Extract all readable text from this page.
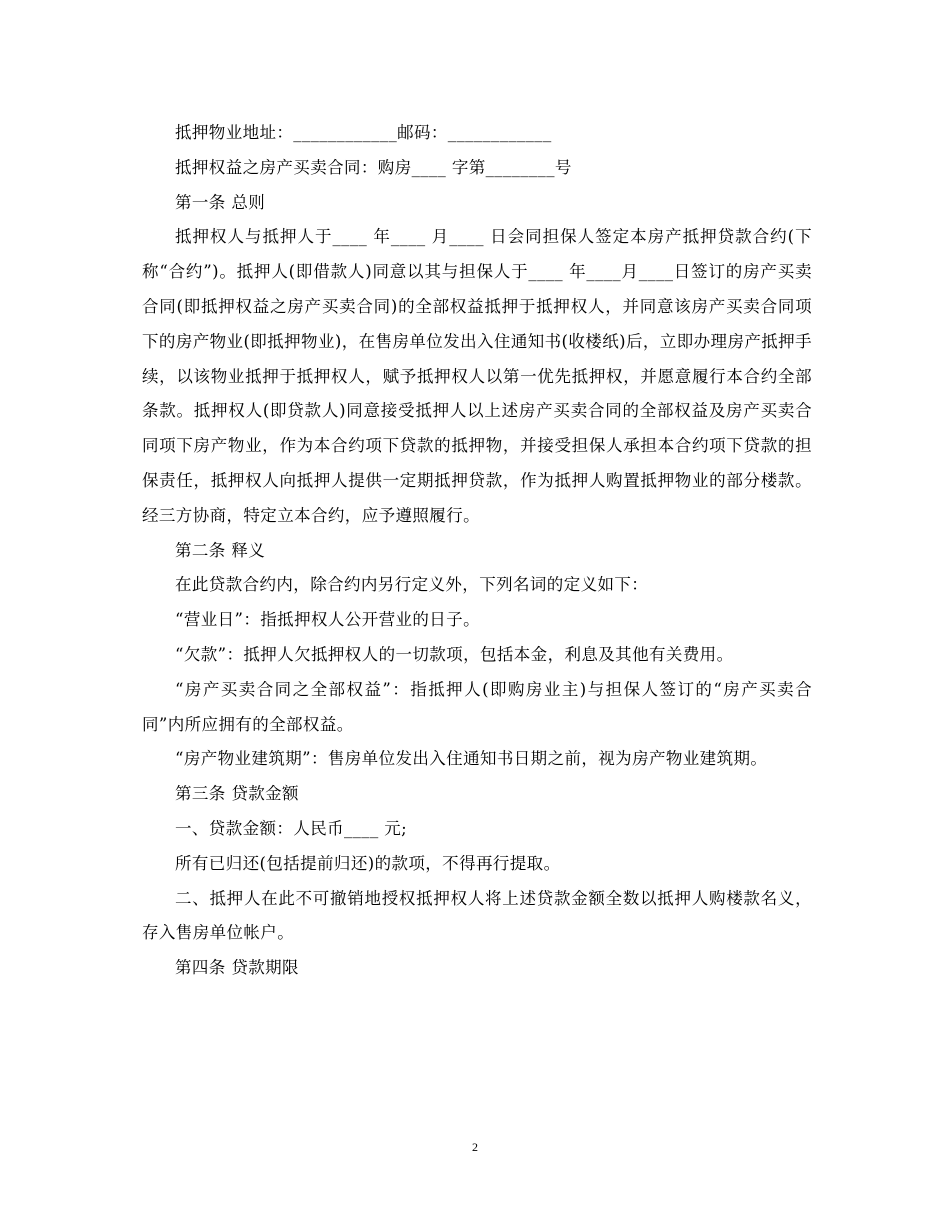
抵押物业地址：____________邮码：____________

抵押权益之房产买卖合同：购房____ 字第________号

第一条 总则

抵押权人与抵押人于____ 年____ 月____ 日会同担保人签定本房产抵押贷款合约(下称“合约”)。抵押人(即借款人)同意以其与担保人于____ 年____月____日签订的房产买卖合同(即抵押权益之房产买卖合同)的全部权益抵押于抵押权人，并同意该房产买卖合同项下的房产物业(即抵押物业)，在售房单位发出入住通知书(收楼纸)后，立即办理房产抵押手续，以该物业抵押于抵押权人，赋予抵押权人以第一优先抵押权，并愿意履行本合约全部条款。抵押权人(即贷款人)同意接受抵押人以上述房产买卖合同的全部权益及房产买卖合同项下房产物业，作为本合约项下贷款的抵押物，并接受担保人承担本合约项下贷款的担保责任，抵押权人向抵押人提供一定期抵押贷款，作为抵押人购置抵押物业的部分楼款。经三方协商，特定立本合约，应予遵照履行。

第二条 释义

在此贷款合约内，除合约内另行定义外，下列名词的定义如下：

“营业日”：指抵押权人公开营业的日子。

“欠款”：抵押人欠抵押权人的一切款项，包括本金，利息及其他有关费用。

“房产买卖合同之全部权益”：指抵押人(即购房业主)与担保人签订的“房产买卖合同”内所应拥有的全部权益。

“房产物业建筑期”：售房单位发出入住通知书日期之前，视为房产物业建筑期。

第三条 贷款金额

一、贷款金额：人民币____ 元;

所有已归还(包括提前归还)的款项，不得再行提取。

二、抵押人在此不可撤销地授权抵押权人将上述贷款金额全数以抵押人购楼款名义，存入售房单位帐户。

第四条 贷款期限

2
